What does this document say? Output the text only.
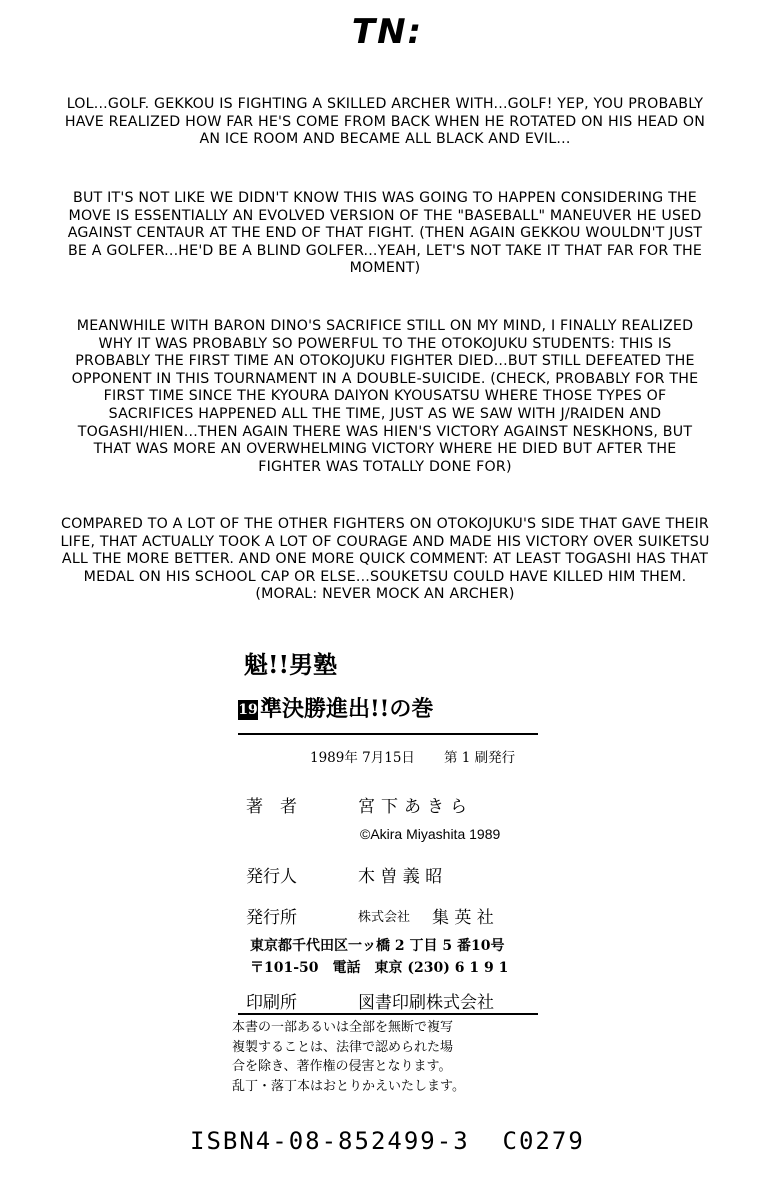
TN:
LOL...GOLF. GEKKOU IS FIGHTING A SKILLED ARCHER WITH...GOLF! YEP, YOU PROBABLY HAVE REALIZED HOW FAR HE'S COME FROM BACK WHEN HE ROTATED ON HIS HEAD ON AN ICE ROOM AND BECAME ALL BLACK AND EVIL...
BUT IT'S NOT LIKE WE DIDN'T KNOW THIS WAS GOING TO HAPPEN CONSIDERING THE MOVE IS ESSENTIALLY AN EVOLVED VERSION OF THE "BASEBALL" MANEUVER HE USED AGAINST CENTAUR AT THE END OF THAT FIGHT. (THEN AGAIN GEKKOU WOULDN'T JUST BE A GOLFER...HE'D BE A BLIND GOLFER...YEAH, LET'S NOT TAKE IT THAT FAR FOR THE MOMENT)
MEANWHILE WITH BARON DINO'S SACRIFICE STILL ON MY MIND, I FINALLY REALIZED WHY IT WAS PROBABLY SO POWERFUL TO THE OTOKOJUKU STUDENTS: THIS IS PROBABLY THE FIRST TIME AN OTOKOJUKU FIGHTER DIED...BUT STILL DEFEATED THE OPPONENT IN THIS TOURNAMENT IN A DOUBLE-SUICIDE. (CHECK, PROBABLY FOR THE FIRST TIME SINCE THE KYOURA DAIYON KYOUSATSU WHERE THOSE TYPES OF SACRIFICES HAPPENED ALL THE TIME, JUST AS WE SAW WITH J/RAIDEN AND TOGASHI/HIEN...THEN AGAIN THERE WAS HIEN'S VICTORY AGAINST NESKHONS, BUT THAT WAS MORE AN OVERWHELMING VICTORY WHERE HE DIED BUT AFTER THE FIGHTER WAS TOTALLY DONE FOR)
COMPARED TO A LOT OF THE OTHER FIGHTERS ON OTOKOJUKU'S SIDE THAT GAVE THEIR LIFE, THAT ACTUALLY TOOK A LOT OF COURAGE AND MADE HIS VICTORY OVER SUIKETSU ALL THE MORE BETTER. AND ONE MORE QUICK COMMENT: AT LEAST TOGASHI HAS THAT MEDAL ON HIS SCHOOL CAP OR ELSE...SOUKETSU COULD HAVE KILLED HIM THEM. (MORAL: NEVER MOCK AN ARCHER)
魁!!男塾
19 準決勝進出!!の巻
1989年 7月15日 第 1 刷発行
著　者	宮下あきら
©Akira Miyashita 1989
発行人	木 曽 義 昭
発行所	株式会社 集 英 社
東京都千代田区一ッ橋 2 丁目 5 番10号
〒101-50　電話　東京 (230) 6 1 9 1
印刷所	図書印刷株式会社
本書の一部あるいは全部を無断で複写
複製することは、法律で認められた場
合を除き、著作権の侵害となります。
乱丁・落丁本はおとりかえいたします。
ISBN4-08-852499-3  C0279
